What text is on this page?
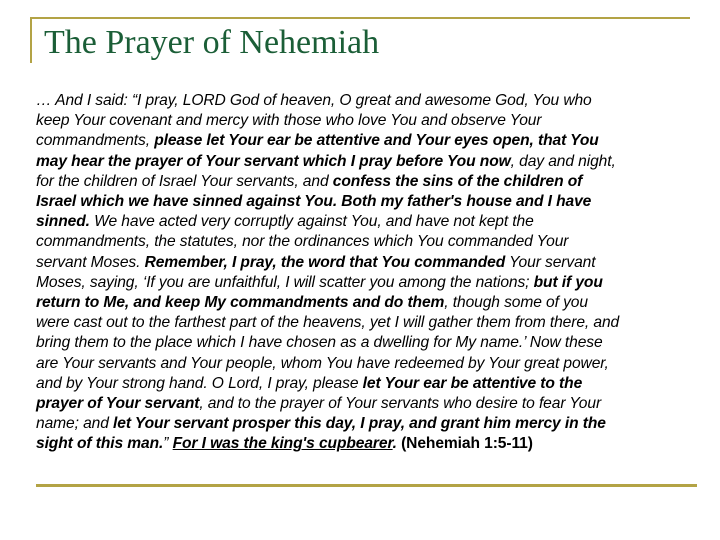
The Prayer of Nehemiah
… And I said: “I pray, LORD God of heaven, O great and awesome God, You who
keep Your covenant and mercy with those who love You and observe Your
commandments, please let Your ear be attentive and Your eyes open, that You
may hear the prayer of Your servant which I pray before You now, day and night,
for the children of Israel Your servants, and confess the sins of the children of
Israel which we have sinned against You. Both my father's house and I have
sinned. We have acted very corruptly against You, and have not kept the
commandments, the statutes, nor the ordinances which You commanded Your
servant Moses. Remember, I pray, the word that You commanded Your servant
Moses, saying, ‘If you are unfaithful, I will scatter you among the nations; but if you
return to Me, and keep My commandments and do them, though some of you
were cast out to the farthest part of the heavens, yet I will gather them from there, and
bring them to the place which I have chosen as a dwelling for My name.’ Now these
are Your servants and Your people, whom You have redeemed by Your great power,
and by Your strong hand. O Lord, I pray, please let Your ear be attentive to the
prayer of Your servant, and to the prayer of Your servants who desire to fear Your
name; and let Your servant prosper this day, I pray, and grant him mercy in the
sight of this man.” For I was the king's cupbearer. (Nehemiah 1:5-11)
